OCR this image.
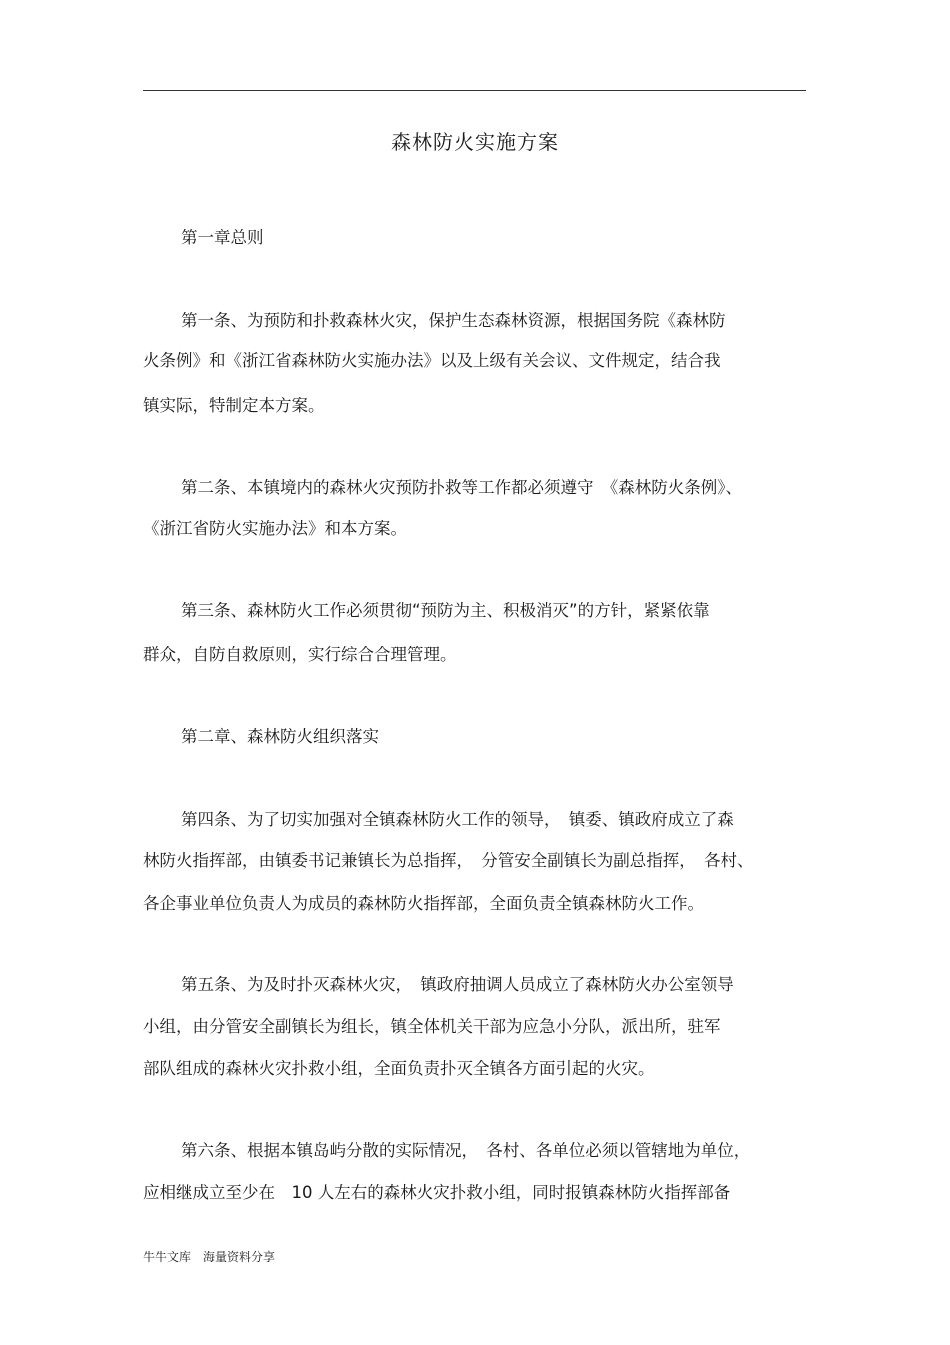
森林防火实施方案
第一章总则
第一条、为预防和扑救森林火灾，保护生态森林资源，根据国务院《森林防
火条例》和《浙江省森林防火实施办法》以及上级有关会议、文件规定，结合我
镇实际，特制定本方案。
第二条、本镇境内的森林火灾预防扑救等工作都必须遵守　《森林防火条例》、
《浙江省防火实施办法》和本方案。
第三条、森林防火工作必须贯彻“预防为主、积极消灭”的方针，紧紧依靠
群众，自防自救原则，实行综合合理管理。
第二章、森林防火组织落实
第四条、为了切实加强对全镇森林防火工作的领导，　镇委、镇政府成立了森
林防火指挥部，由镇委书记兼镇长为总指挥，　分管安全副镇长为副总指挥，　各村、
各企事业单位负责人为成员的森林防火指挥部，全面负责全镇森林防火工作。
第五条、为及时扑灭森林火灾，　镇政府抽调人员成立了森林防火办公室领导
小组，由分管安全副镇长为组长，镇全体机关干部为应急小分队，派出所，驻军
部队组成的森林火灾扑救小组，全面负责扑灭全镇各方面引起的火灾。
第六条、根据本镇岛屿分散的实际情况，　各村、各单位必须以管辖地为单位，
应相继成立至少在　10 人左右的森林火灾扑救小组，同时报镇森林防火指挥部备
牛牛文库 海量资料分享
